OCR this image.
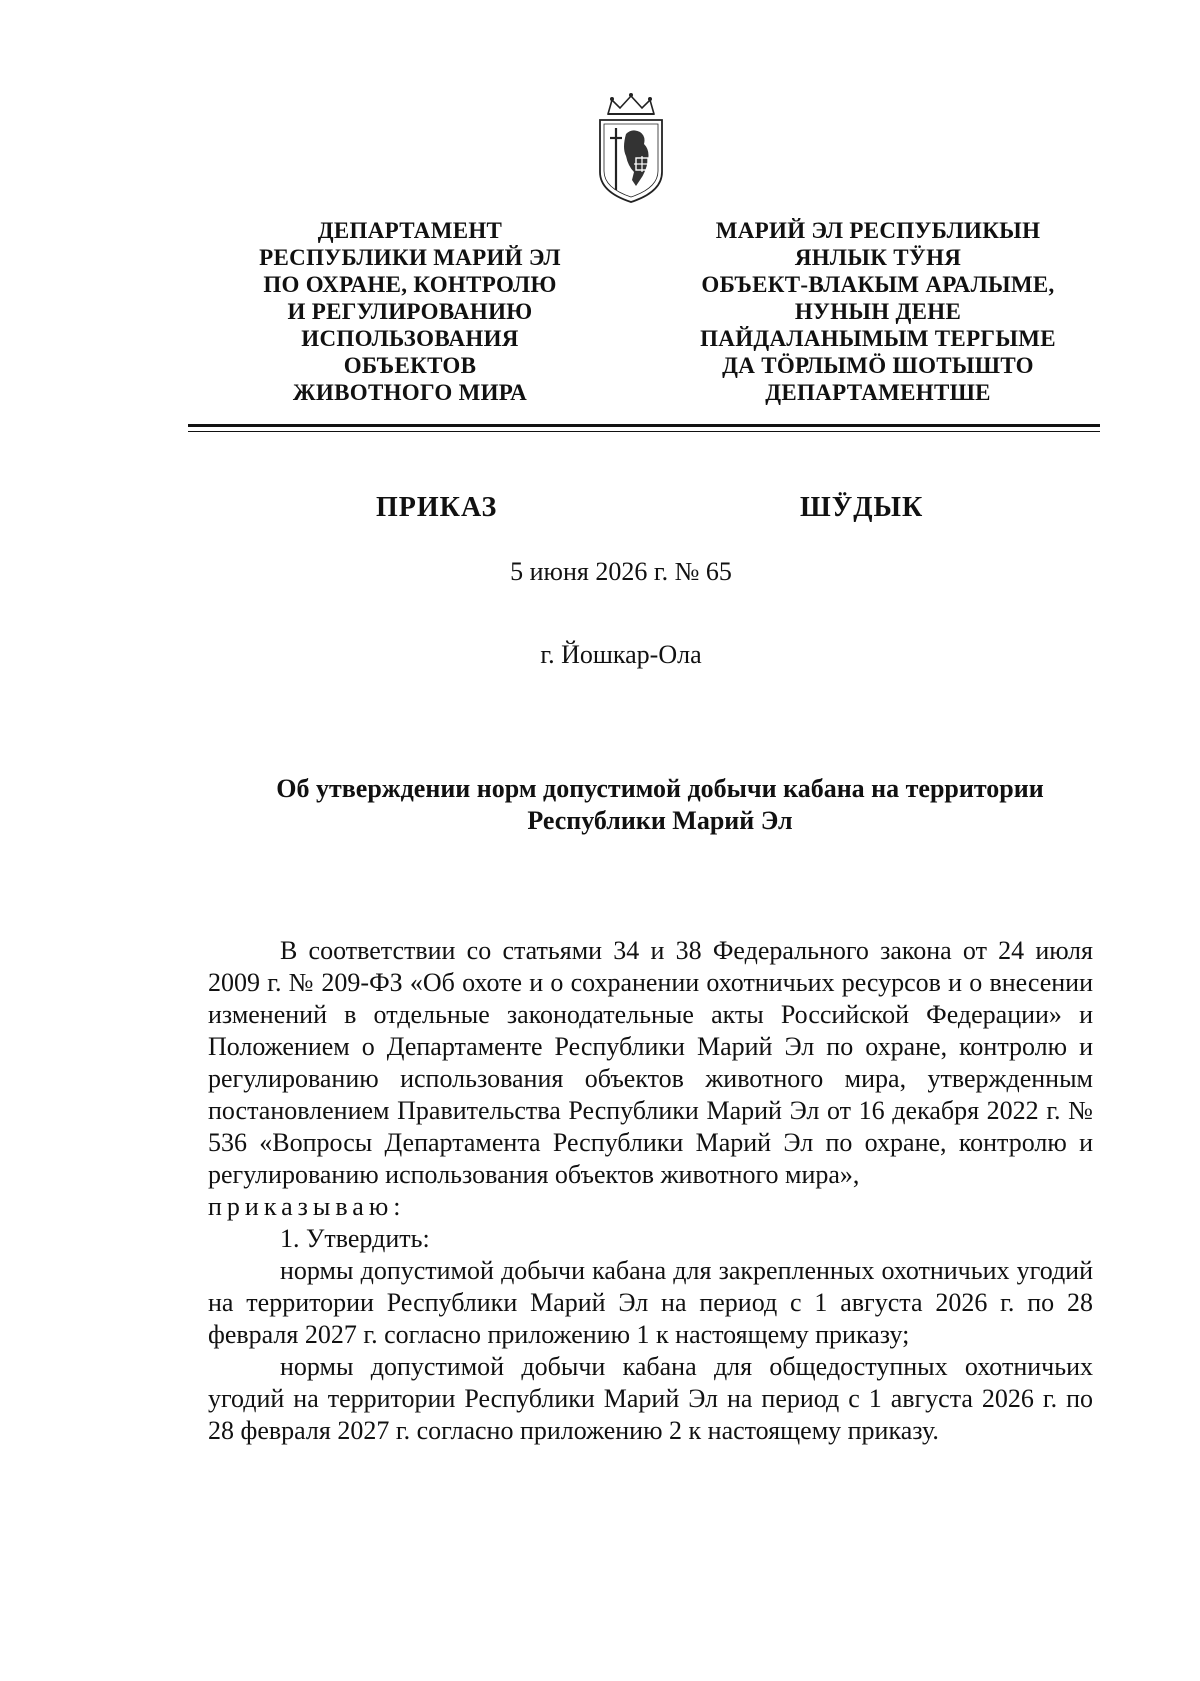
ДЕПАРТАМЕНТ
РЕСПУБЛИКИ МАРИЙ ЭЛ
ПО ОХРАНЕ, КОНТРОЛЮ
И РЕГУЛИРОВАНИЮ
ИСПОЛЬЗОВАНИЯ
ОБЪЕКТОВ
ЖИВОТНОГО МИРА
МАРИЙ ЭЛ РЕСПУБЛИКЫН
ЯНЛЫК ТӰНЯ
ОБЪЕКТ-ВЛАКЫМ АРАЛЫМЕ,
НУНЫН ДЕНЕ
ПАЙДАЛАНЫМЫМ ТЕРГЫМЕ
ДА ТӦРЛЫМӦ ШОТЫШТО
ДЕПАРТАМЕНТШЕ
ПРИКАЗ	ШӰДЫК
5 июня 2026 г. № 65
г. Йошкар-Ола
Об утверждении норм допустимой добычи кабана на территории
Республики Марий Эл
В соответствии со статьями 34 и 38 Федерального закона от 24 июля 2009 г. № 209-ФЗ «Об охоте и о сохранении охотничьих ресурсов и о внесении изменений в отдельные законодательные акты Российской Федерации» и Положением о Департаменте Республики Марий Эл по охране, контролю и регулированию использования объектов животного мира, утвержденным постановлением Правительства Республики Марий Эл от 16 декабря 2022 г. № 536 «Вопросы Департамента Республики Марий Эл по охране, контролю и регулированию использования объектов животного мира»,
приказываю:
1. Утвердить:
нормы допустимой добычи кабана для закрепленных охотничьих угодий на территории Республики Марий Эл на период с 1 августа 2026 г. по 28 февраля 2027 г. согласно приложению 1 к настоящему приказу;
нормы допустимой добычи кабана для общедоступных охотничьих угодий на территории Республики Марий Эл на период с 1 августа 2026 г. по 28 февраля 2027 г. согласно приложению 2 к настоящему приказу.
